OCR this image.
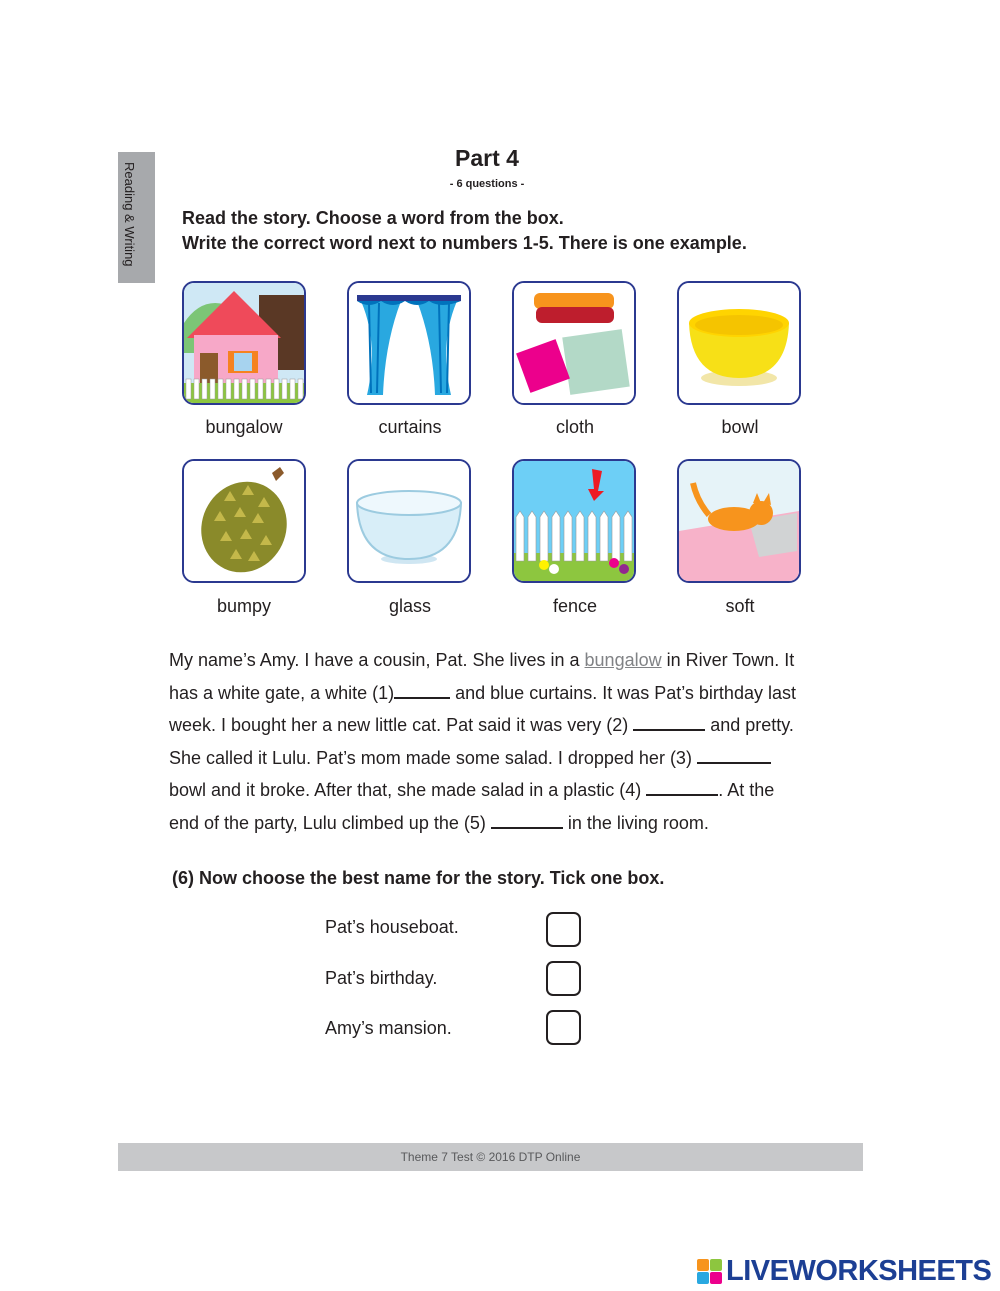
Reading & Writing
Part 4
- 6 questions -
Read the story. Choose a word from the box.
Write the correct word next to numbers 1-5. There is one example.
bungalow	curtains	cloth	bowl
bumpy	glass	fence	soft

My name’s Amy. I have a cousin, Pat. She lives in a bungalow in River Town. It

has a white gate, a white (1)	and blue curtains. It was Pat’s birthday last

week. I bought her a new little cat. Pat said it was very (2)	and pretty.

She called it Lulu. Pat’s mom made some salad. I dropped her (3)

bowl and it broke. After that, she made salad in a plastic (4)	. At the

end of the party, Lulu climbed up the (5)	in the living room.

(6) Now choose the best name for the story. Tick one box.
Pat’s houseboat.
Pat’s birthday.
Amy’s mansion.
Theme 7 Test © 2016 DTP Online
LIVEWORKSHEETS
